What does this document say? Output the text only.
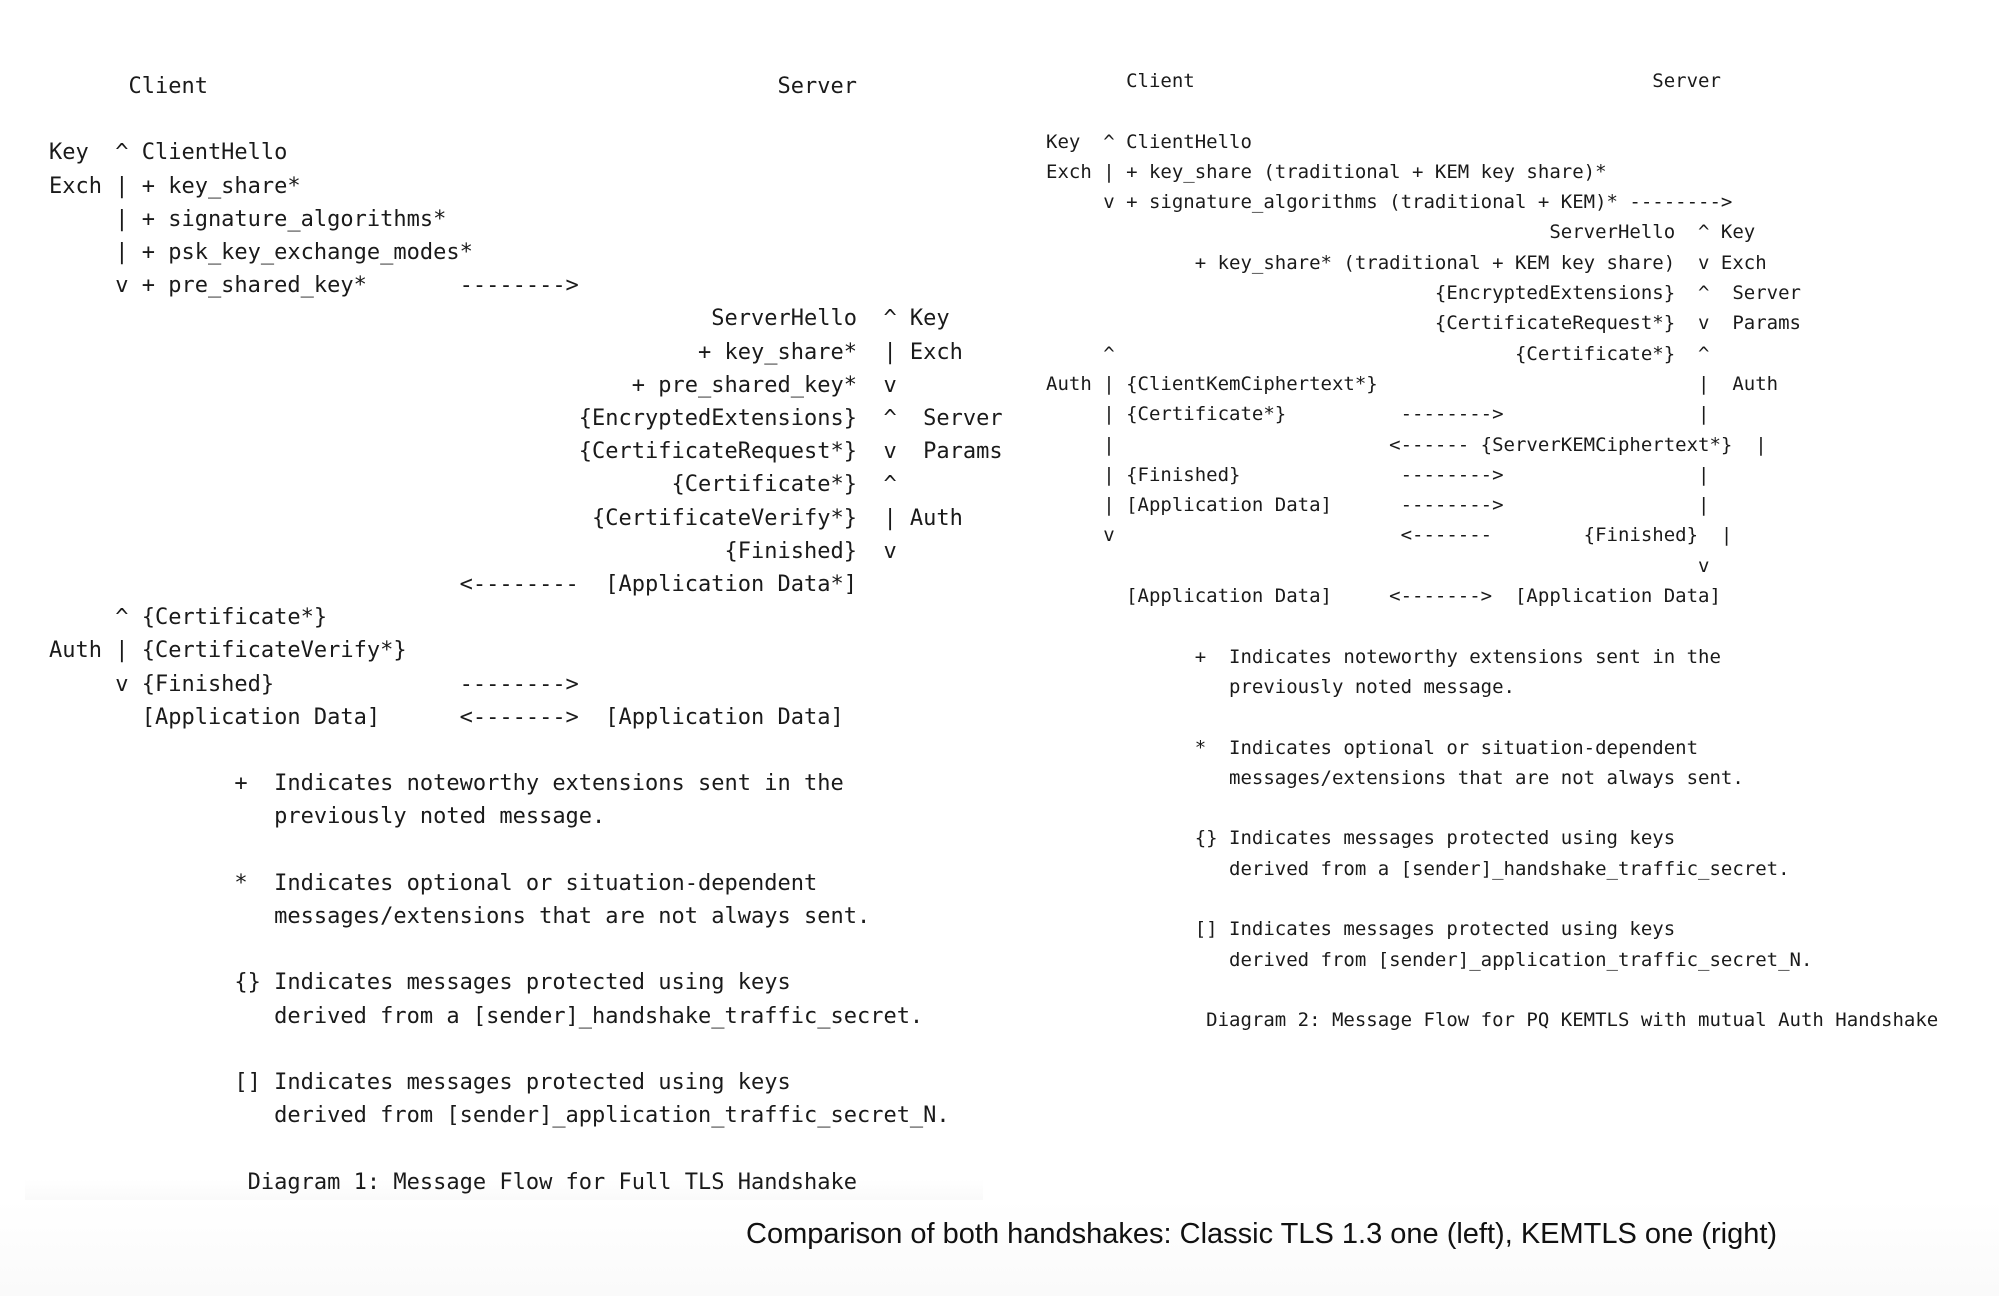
Client                                           Server

Key  ^ ClientHello
Exch | + key_share*
| + signature_algorithms*
| + psk_key_exchange_modes*
v + pre_shared_key*       -------->
ServerHello  ^ Key
+ key_share*  | Exch
+ pre_shared_key*  v
{EncryptedExtensions}  ^  Server
{CertificateRequest*}  v  Params
{Certificate*}  ^
{CertificateVerify*}  | Auth
{Finished}  v
<--------  [Application Data*]
^ {Certificate*}
Auth | {CertificateVerify*}
v {Finished}              -------->
[Application Data]      <------->  [Application Data]

+  Indicates noteworthy extensions sent in the
previously noted message.

*  Indicates optional or situation-dependent
messages/extensions that are not always sent.

{} Indicates messages protected using keys
derived from a [sender]_handshake_traffic_secret.

[] Indicates messages protected using keys
derived from [sender]_application_traffic_secret_N.

Diagram 1: Message Flow for Full TLS Handshake
Client                                        Server

Key  ^ ClientHello
Exch | + key_share (traditional + KEM key share)*
v + signature_algorithms (traditional + KEM)* -------->
ServerHello  ^ Key
+ key_share* (traditional + KEM key share)  v Exch
{EncryptedExtensions}  ^  Server
{CertificateRequest*}  v  Params
^                                   {Certificate*}  ^
Auth | {ClientKemCiphertext*}                            |  Auth
| {Certificate*}          -------->                 |
|                        <------ {ServerKEMCiphertext*}  |
| {Finished}              -------->                 |
| [Application Data]      -------->                 |
v                         <-------        {Finished}  |
v
[Application Data]     <------->  [Application Data]

+  Indicates noteworthy extensions sent in the
previously noted message.

*  Indicates optional or situation-dependent
messages/extensions that are not always sent.

{} Indicates messages protected using keys
derived from a [sender]_handshake_traffic_secret.

[] Indicates messages protected using keys
derived from [sender]_application_traffic_secret_N.

Diagram 2: Message Flow for PQ KEMTLS with mutual Auth Handshake
Comparison of both handshakes: Classic TLS 1.3 one (left), KEMTLS one (right)
